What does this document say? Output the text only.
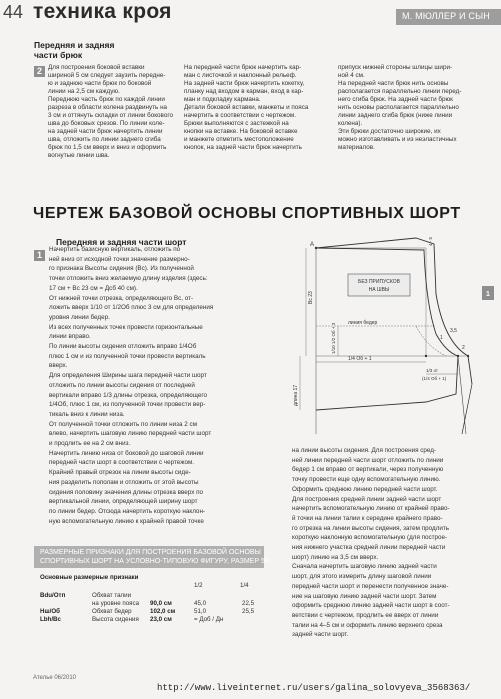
44 техника кроя	М. МЮЛЛЕР И СЫН
Передняя и задняя
части брюк
2 Для построения боковой вставки
шириной 5 см следует заузить передне-
ю и заднюю части брюк по боковой
линии на 2,5 см каждую.
Переднюю часть брюк по каждой линии
разреза в области колена раздвинуть на
3 см и оттянуть складки от линии бокового
шва до боковых срезов. По линии коле-
на задней части брюк начертить линии
шва, отложить по линии заднего сгиба
брюк по 1,5 см вверх и вниз и оформить
вогнутые линии шва.
На передней части брюк начертить кар-
ман с листочкой и наклонный рельеф.
На задней части брюк начертить кокетку,
планку над входом в карман, вход в кар-
ман и подкладку кармана.
Детали боковой вставки, манжеты и пояса
начертить в соответствии с чертежом.
Брюки выполняются с застежкой на
кнопки на вставке. На боковой вставке
и манжете отметить местоположение
кнопок, на задней части брюк начертить
припуск нижней стороны шлицы шири-
ной 4 см.
На передней части брюк нить основы
располагается параллельно линии перед-
него сгиба брюк. На задней части брюк
нить основы располагается параллельно
линии заднего сгиба брюк (ниже линии
колена).
Эти брюки достаточно широкие, их
можно изготавливать и из неэластичных
материалов.
ЧЕРТЕЖ БАЗОВОЙ ОСНОВЫ СПОРТИВНЫХ ШОРТ
Передняя и задняя части шорт
1
Начертить базисную вертикаль, отложить по
ней вниз от исходной точки значение размерно-
го признака Высоты сидения (Вс). Из полученной
точки отложить вниз желаемую длину изделия (здесь:
17 см + Вс 23 см = Дсб 40 см).
От нижней точки отрезка, определяющего Вс, от-
ложить вверх 1/10 от 1/2Об плюс 3 см для определения
уровня линии бедер.
Из всех полученных точек провести горизонтальные
линии вправо.
По линии высоты сидения отложить вправо 1/4Об
плюс 1 см и из полученной точки провести вертикаль
вверх.
Для определения Ширины шага передней части шорт
отложить по линии высоты сидения от последней
вертикали вправо 1/3 длины отрезка, определяющего
1/4Об, плюс 1 см, из полученной точки провести вер-
тикаль вниз к линии низа.
От полученной точки отложить по линии низа 2 см
влево, начертить шаговую линию передней части шорт
и продлить ее на 2 см вниз.
Начертить линию низа от боковой до шаговой линии
передней части шорт в соответствии с чертежом.
Крайний правый отрезок на линии высоты сиде-
ния разделить пополам и отложить от этой высоты
сидения половину значения длины отрезка вверх по
вертикальной линии, определяющей ширину шорт
по линии бедер. Отсюда начертить короткую наклон-
ную вспомогательную линию к крайней правой точке
на линии высоты сидения. Для построения сред-
ней линии передней части шорт отложить по линии
бедер 1 см вправо от вертикали, через полученную
точку провести еще одну вспомогательную линию.
Оформить среднюю линию передней части шорт.
Для построения средней линии задней части шорт
начертить вспомогательную линию от крайней право-
й точки на линии талии к середине крайнего право-
го отрезка на линии высоты сидения, затем продлить
короткую наклонную вспомогательную (для построе-
ния нижнего участка средней линии передней части
шорт) линию на 3,5 см вверх.
Сначала начертить шаговую линию задней части
шорт, для этого измерить длину шаговой линии
передней части шорт и перенести полученное значе-
ние на шаговую линию задней части шорт. Затем
оформить среднюю линию задней части шорт в соот-
ветствии с чертежом, продлить ее вверх от линии
талии на 4–5 см и оформить линию верхнего среза
задней части шорт.
A
БЕЗ ПРИПУСКОВ
НА ШВЫ
линия бедер
Вс 23
длина 17
1/10 1/2 Об + 3
1/4 Об + 1
1/3 от
(1/4 Об + 1)
1
4 - 5
2
1
3,5
РАЗМЕРНЫЕ ПРИЗНАКИ ДЛЯ ПОСТРОЕНИЯ БАЗОВОЙ ОСНОВЫ
СПОРТИВНЫХ ШОРТ НА УСЛОВНО-ТИПОВУЮ ФИГУРУ, РАЗМЕР 50
Основные размерные признаки
1/2	1/4
Вdu/Отп	Обхват талии
на уровне пояса 90,0 см	45,0	22,5
Нш/Об	Обхват бедер	102,0 см	51,0	25,5
Lbh/Вс	Высота сидения 23,0 см	= Доб / Дн
Ателье 06/2010
http://www.liveinternet.ru/users/galina_solovyeva_3568363/
